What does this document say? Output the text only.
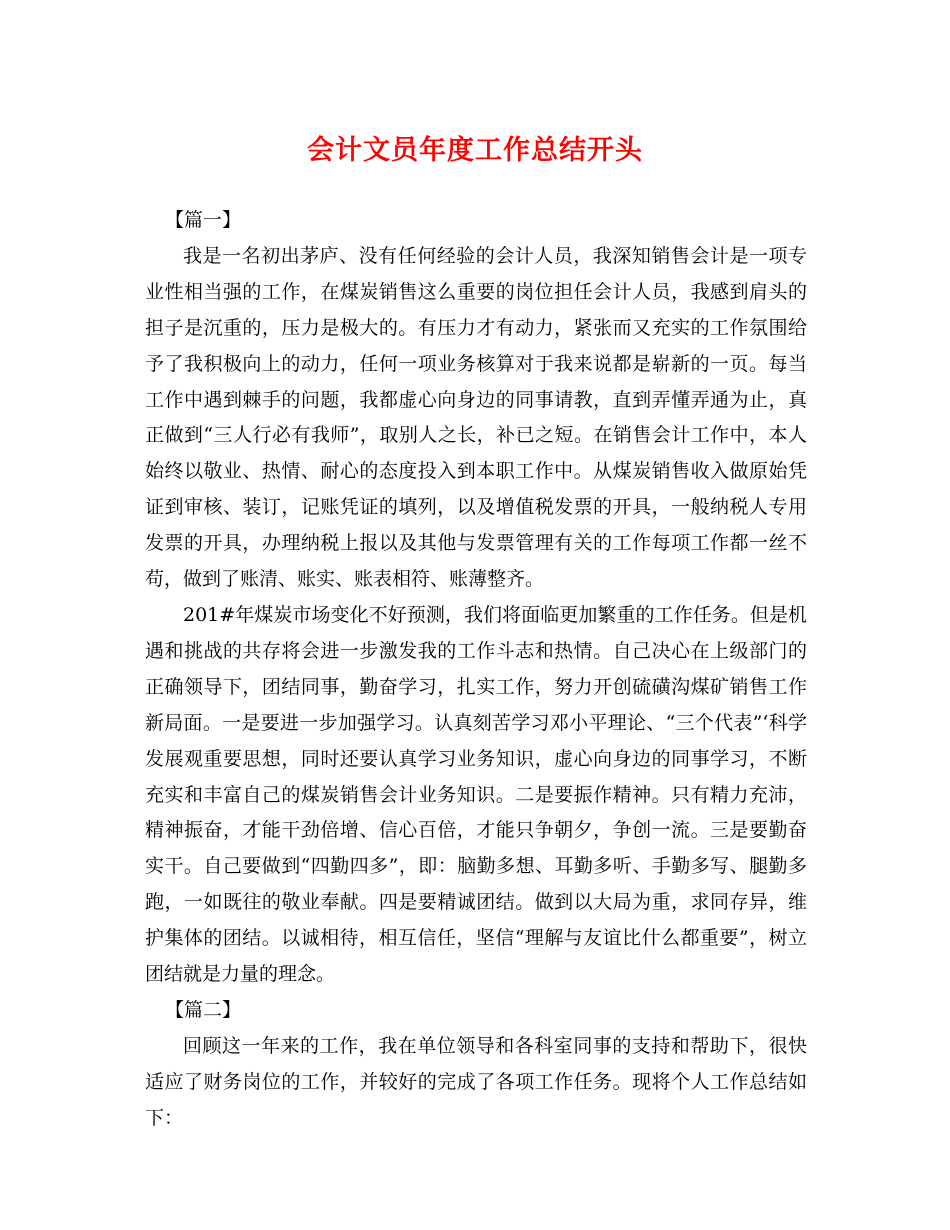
会计文员年度工作总结开头

【篇一】

我是一名初出茅庐、没有任何经验的会计人员，我深知销售会计是一项专业性相当强的工作，在煤炭销售这么重要的岗位担任会计人员，我感到肩头的担子是沉重的，压力是极大的。有压力才有动力，紧张而又充实的工作氛围给予了我积极向上的动力，任何一项业务核算对于我来说都是崭新的一页。每当工作中遇到棘手的问题，我都虚心向身边的同事请教，直到弄懂弄通为止，真正做到“三人行必有我师”，取别人之长，补已之短。在销售会计工作中，本人始终以敬业、热情、耐心的态度投入到本职工作中。从煤炭销售收入做原始凭证到审核、装订，记账凭证的填列，以及增值税发票的开具，一般纳税人专用发票的开具，办理纳税上报以及其他与发票管理有关的工作每项工作都一丝不苟，做到了账清、账实、账表相符、账薄整齐。

201#年煤炭市场变化不好预测，我们将面临更加繁重的工作任务。但是机遇和挑战的共存将会进一步激发我的工作斗志和热情。自己决心在上级部门的正确领导下，团结同事，勤奋学习，扎实工作，努力开创硫磺沟煤矿销售工作新局面。一是要进一步加强学习。认真刻苦学习邓小平理论、“三个代表”‘科学发展观重要思想，同时还要认真学习业务知识，虚心向身边的同事学习，不断充实和丰富自己的煤炭销售会计业务知识。二是要振作精神。只有精力充沛，精神振奋，才能干劲倍增、信心百倍，才能只争朝夕，争创一流。三是要勤奋实干。自己要做到“四勤四多”，即：脑勤多想、耳勤多听、手勤多写、腿勤多跑，一如既往的敬业奉献。四是要精诚团结。做到以大局为重，求同存异，维护集体的团结。以诚相待，相互信任，坚信“理解与友谊比什么都重要”，树立团结就是力量的理念。

【篇二】

回顾这一年来的工作，我在单位领导和各科室同事的支持和帮助下，很快适应了财务岗位的工作，并较好的完成了各项工作任务。现将个人工作总结如下：
